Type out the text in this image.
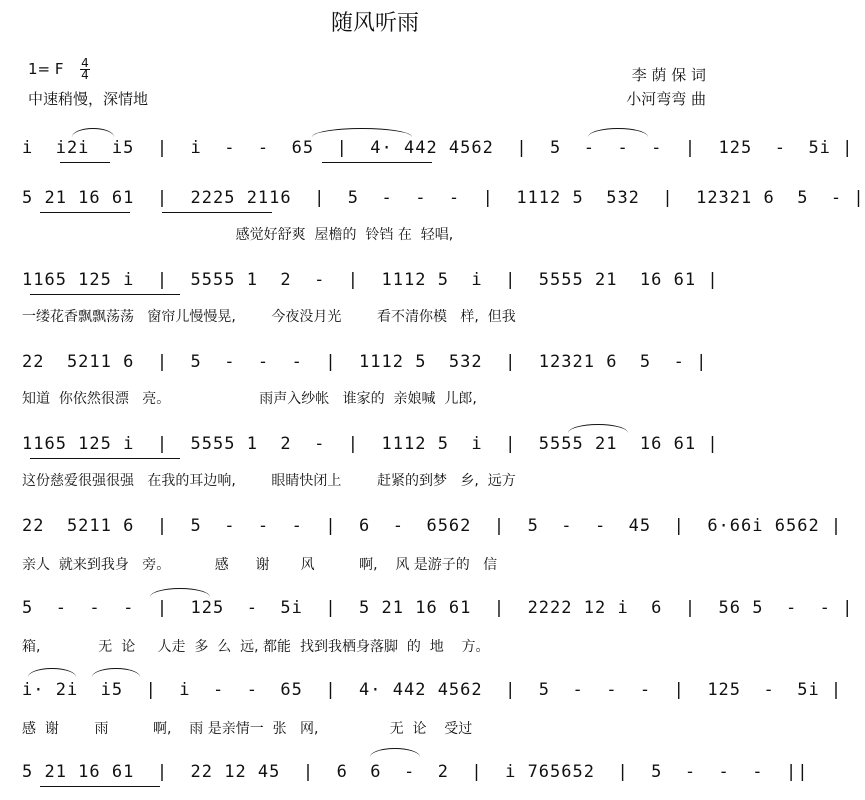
随风听雨
1= F 4
4
中速稍慢，深情地
李 荫 保 词
小河弯弯 曲
i  i2i  i5  |  i  -  -  65  |  4· 442 4562  |  5  -  -  -  |  125  -  5i |
5 21 16 61  |  2225 2116  |  5  -  -  -  |  1112 5  532  |  12321 6  5  - |
感觉好舒爽  屋檐的  铃铛 在  轻唱,
1165 125 i  |  5555 1  2  -  |  1112 5  i  |  5555 21  16 61 |
一缕花香飘飘荡荡   窗帘儿慢慢晃,        今夜没月光        看不清你模   样,  但我
22  5211 6  |  5  -  -  -  |  1112 5  532  |  12321 6  5  - |
知道  你依然很漂   亮。                    雨声入纱帐   谁家的  亲娘喊  儿郎,
1165 125 i  |  5555 1  2  -  |  1112 5  i  |  5555 21  16 61 |
这份慈爱很强很强   在我的耳边响,        眼睛快闭上        赶紧的到梦   乡,  远方
22  5211 6  |  5  -  -  -  |  6  -  6562  |  5  -  -  45  |  6·66i 6562 |
亲人  就来到我身   旁。          感      谢       风          啊,    风 是游子的   信
5  -  -  -  |  125  -  5i  |  5 21 16 61  |  2222 12 i  6  |  56 5  -  - |
箱,             无  论     人走  多  么  远, 都能  找到我栖身落脚  的  地    方。
i· 2i  i5  |  i  -  -  65  |  4· 442 4562  |  5  -  -  -  |  125  -  5i |
感  谢        雨          啊,    雨 是亲情一  张   网,                无  论    受过
5 21 16 61  |  22 12 45  |  6  6  -  2  |  i 765652  |  5  -  -  -  ||
